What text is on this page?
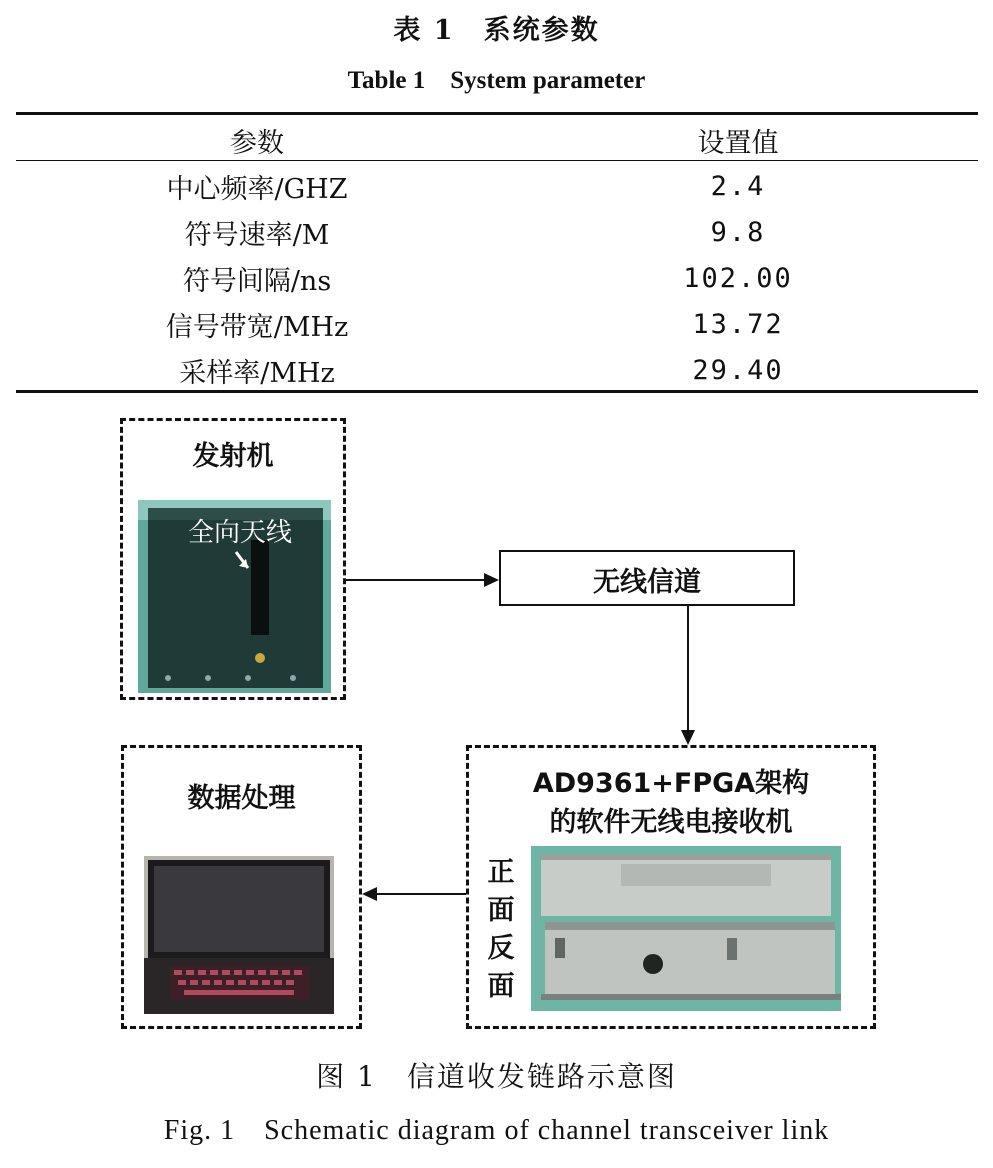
表 1　系统参数
Table 1　System parameter
参数	设置值
中心频率/GHZ	2.4
符号速率/M	9.8
符号间隔/ns	102.00
信号带宽/MHz	13.72
采样率/MHz	29.40
发射机
全向天线
无线信道
AD9361+FPGA架构
的软件无线电接收机
正
面
反
面
数据处理
图 1　信道收发链路示意图
Fig. 1　Schematic diagram of channel transceiver link
